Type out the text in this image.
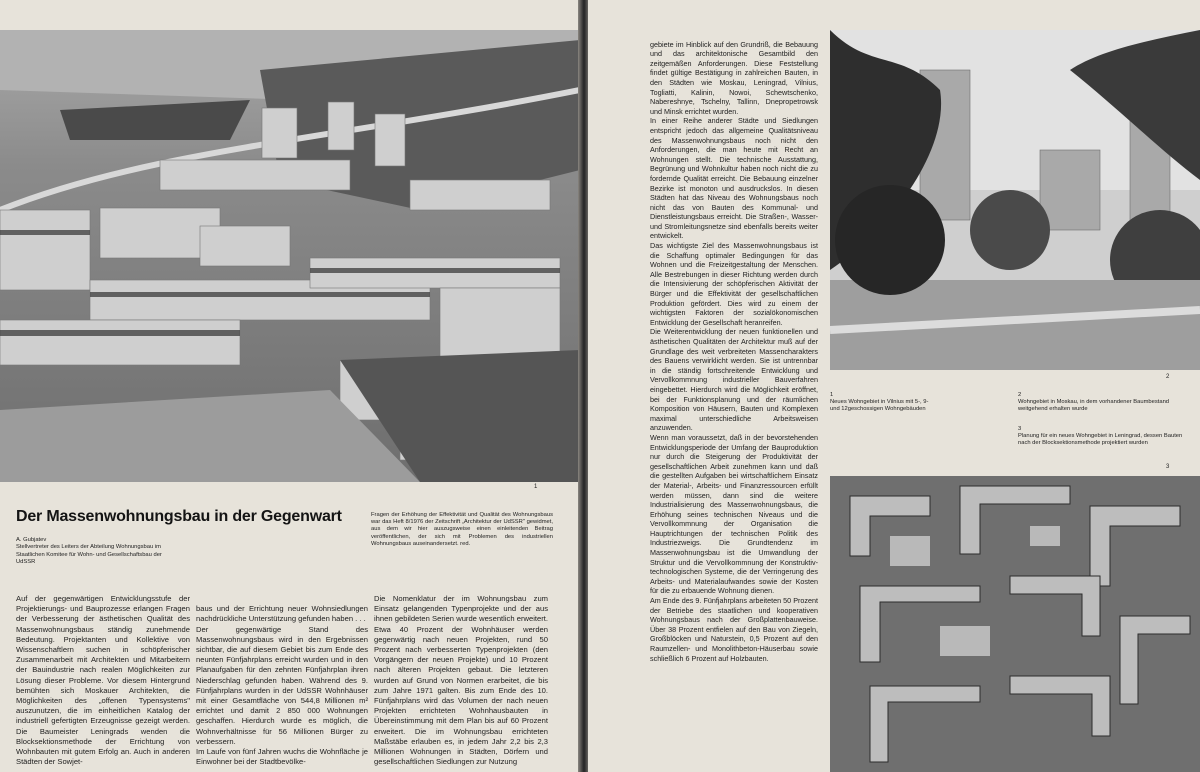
1
Der Massenwohnungsbau in der Gegenwart
A. Gubjatev
Stellvertreter des Leiters der Abteilung Wohnungsbau im Staatlichen Komitee für Wohn- und Gesellschaftsbau der UdSSR
Fragen der Erhöhung der Effektivität und Qualität des Wohnungsbaus war das Heft 8/1976 der Zeitschrift „Architektur der UdSSR" gewidmet, aus dem wir hier auszugsweise einen einleitenden Beitrag veröffentlichen, der sich mit Problemen des industriellen Wohnungsbaus auseinandersetzt. red.

Auf der gegenwärtigen Entwicklungsstufe der Projektierungs- und Bauprozesse erlangen Fragen der Verbesserung der ästhetischen Qualität des Massenwohnungsbaus ständig zunehmende Bedeutung. Projektanten und Kollektive von Wissenschaftlern suchen in schöpferischer Zusammenarbeit mit Architekten und Mitarbeitern der Bauindustrie nach realen Möglichkeiten zur Lösung dieser Probleme. Vor diesem Hintergrund bemühten sich Moskauer Architekten, die Möglichkeiten des „offenen Typensystems" auszunutzen, die im einheitlichen Katalog der industriell gefertigten Erzeugnisse gezeigt werden. Die Baumeister Leningrads wenden die Blocksektionsmethode der Errichtung von Wohnbauten mit gutem Erfolg an. Auch in anderen Städten der Sowjet-

baus und der Errichtung neuer Wohnsiedlungen nachdrückliche Unterstützung gefunden haben . . .
Der gegenwärtige Stand des Massenwohnungsbaus wird in den Ergebnissen sichtbar, die auf diesem Gebiet bis zum Ende des neunten Fünfjahrplans erreicht wurden und in den Planaufgaben für den zehnten Fünfjahrplan ihren Niederschlag gefunden haben. Während des 9. Fünfjahrplans wurden in der UdSSR Wohnhäuser mit einer Gesamtfläche von 544,8 Millionen m² errichtet und damit 2 850 000 Wohnungen geschaffen. Hierdurch wurde es möglich, die Wohnverhältnisse für 56 Millionen Bürger zu verbessern.
Im Laufe von fünf Jahren wuchs die Wohnfläche je Einwohner bei der Stadtbevölke-

Die Nomenklatur der im Wohnungsbau zum Einsatz gelangenden Typenprojekte und der aus ihnen gebildeten Serien wurde wesentlich erweitert. Etwa 40 Prozent der Wohnhäuser werden gegenwärtig nach neuen Projekten, rund 50 Prozent nach verbesserten Typenprojekten (den Vorgängern der neuen Projekte) und 10 Prozent nach älteren Projekten gebaut. Die letzteren wurden auf Grund von Normen erarbeitet, die bis zum Jahre 1971 galten. Bis zum Ende des 10. Fünfjahrplans wird das Volumen der nach neuen Projekten errichteten Wohnhausbauten in Übereinstimmung mit dem Plan bis auf 60 Prozent erweitert. Die im Wohnungsbau errichteten Maßstäbe erlauben es, in jedem Jahr 2,2 bis 2,3 Millionen Wohnungen in Städten, Dörfern und gesellschaftlichen Siedlungen zur Nutzung

gebiete im Hinblick auf den Grundriß, die Bebauung und das architektonische Gesamtbild den zeitgemäßen Anforderungen. Diese Feststellung findet gültige Bestätigung in zahlreichen Bauten, in den Städten wie Moskau, Leningrad, Vilnius, Togliatti, Kalinin, Nowoi, Schewtschenko, Nabereshnye, Tschelny, Tallinn, Dnepropetrowsk und Minsk errichtet wurden.
In einer Reihe anderer Städte und Siedlungen entspricht jedoch das allgemeine Qualitätsniveau des Massenwohnungsbaus noch nicht den Anforderungen, die man heute mit Recht an Wohnungen stellt. Die technische Ausstattung, Begrünung und Wohnkultur haben noch nicht die zu fordernde Qualität erreicht. Die Bebauung einzelner Bezirke ist monoton und ausdruckslos. In diesen Städten hat das Niveau des Wohnungsbaus noch nicht das von Bauten des Kommunal- und Dienstleistungsbaus erreicht. Die Straßen-, Wasser- und Stromleitungsnetze sind ebenfalls bereits weiter entwickelt.
Das wichtigste Ziel des Massenwohnungsbaus ist die Schaffung optimaler Bedingungen für das Wohnen und die Freizeitgestaltung der Menschen. Alle Bestrebungen in dieser Richtung werden durch die Intensivierung der schöpferischen Aktivität der Bürger und die Effektivität der gesellschaftlichen Produktion gefördert. Dies wird zu einem der wichtigsten Faktoren der sozialökonomischen Entwicklung der Gesellschaft heranreifen.
Die Weiterentwicklung der neuen funktionellen und ästhetischen Qualitäten der Architektur muß auf der Grundlage des weit verbreiteten Massencharakters des Bauens verwirklicht werden. Sie ist untrennbar in die ständig fortschreitende Entwicklung und Vervollkommnung industrieller Bauverfahren eingebettet. Hierdurch wird die Möglichkeit eröffnet, bei der Funktionsplanung und der räumlichen Komposition von Häusern, Bauten und Komplexen maximal unterschiedliche Arbeitsweisen anzuwenden.
Wenn man voraussetzt, daß in der bevorstehenden Entwicklungsperiode der Umfang der Bauproduktion nur durch die Steigerung der Produktivität der gesellschaftlichen Arbeit zunehmen kann und daß die gestellten Aufgaben bei wirtschaftlichem Einsatz der Material-, Arbeits- und Finanzressourcen erfüllt werden müssen, dann sind die weitere Industrialisierung des Massenwohnungsbaus, die Erhöhung seines technischen Niveaus und die Vervollkommnung der Organisation die Hauptrichtungen der technischen Politik des Industriezweigs. Die Grundtendenz im Massenwohnungsbau ist die Umwandlung der Struktur und die Vervollkommnung der Konstruktiv-technologischen Systeme, die der Verringerung des Arbeits- und Materialaufwandes sowie der Kosten für die zu erbauende Wohnung dienen.
Am Ende des 9. Fünfjahrplans arbeiteten 50 Prozent der Betriebe des staatlichen und kooperativen Wohnungsbaus nach der Großplattenbauweise. Über 38 Prozent entfielen auf den Bau von Ziegeln, Großblöcken und Naturstein, 0,5 Prozent auf den Raumzellen- und Monolithbeton-Häuserbau sowie schließlich 6 Prozent auf Holzbauten.

2
1
Neues Wohngebiet in Vilnius mit 5-, 9- und 12geschossigen Wohngebäuden
2
Wohngebiet in Moskau, in dem vorhandener Baumbestand weitgehend erhalten wurde
3
Planung für ein neues Wohngebiet in Leningrad, dessen Bauten nach der Blocksektionsmethode projektiert wurden
3
